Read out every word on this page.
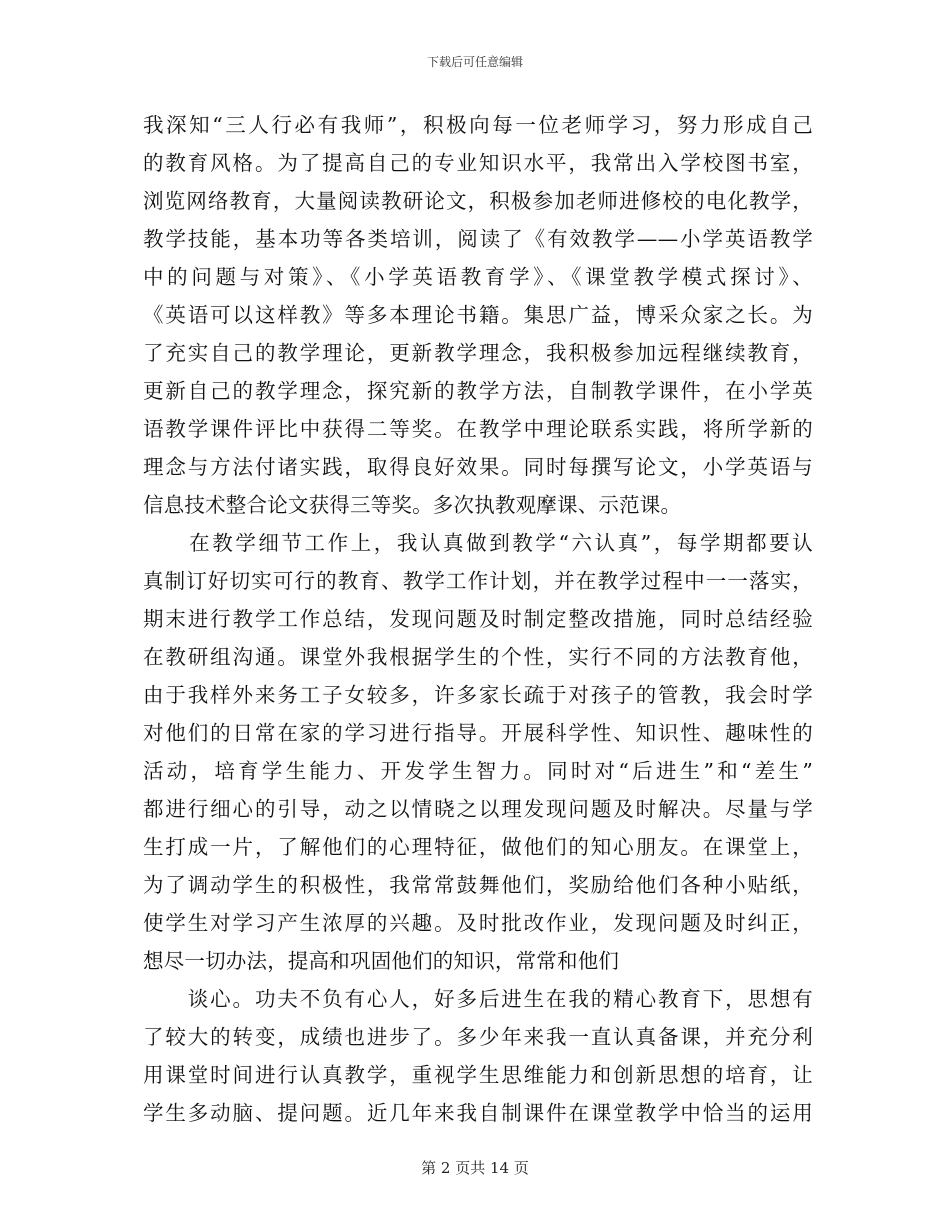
下载后可任意编辑
我深知“三人行必有我师”，积极向每一位老师学习，努力形成自己
的教育风格。为了提高自己的专业知识水平，我常出入学校图书室，
浏览网络教育，大量阅读教研论文，积极参加老师进修校的电化教学，
教学技能，基本功等各类培训，阅读了《有效教学——小学英语教学
中的问题与对策》、《小学英语教育学》、《课堂教学模式探讨》、
《英语可以这样教》等多本理论书籍。集思广益，博采众家之长。为
了充实自己的教学理论，更新教学理念，我积极参加远程继续教育，
更新自己的教学理念，探究新的教学方法，自制教学课件，在小学英
语教学课件评比中获得二等奖。在教学中理论联系实践，将所学新的
理念与方法付诸实践，取得良好效果。同时每撰写论文，小学英语与
信息技术整合论文获得三等奖。多次执教观摩课、示范课。
　　在教学细节工作上，我认真做到教学“六认真”，每学期都要认
真制订好切实可行的教育、教学工作计划，并在教学过程中一一落实，
期末进行教学工作总结，发现问题及时制定整改措施，同时总结经验
在教研组沟通。课堂外我根据学生的个性，实行不同的方法教育他，
由于我样外来务工子女较多，许多家长疏于对孩子的管教，我会时学
对他们的日常在家的学习进行指导。开展科学性、知识性、趣味性的
活动，培育学生能力、开发学生智力。同时对“后进生”和“差生”
都进行细心的引导，动之以情晓之以理发现问题及时解决。尽量与学
生打成一片，了解他们的心理特征，做他们的知心朋友。在课堂上，
为了调动学生的积极性，我常常鼓舞他们，奖励给他们各种小贴纸，
使学生对学习产生浓厚的兴趣。及时批改作业，发现问题及时纠正，
想尽一切办法，提高和巩固他们的知识，常常和他们
　　谈心。功夫不负有心人，好多后进生在我的精心教育下，思想有
了较大的转变，成绩也进步了。多少年来我一直认真备课，并充分利
用课堂时间进行认真教学，重视学生思维能力和创新思想的培育，让
学生多动脑、提问题。近几年来我自制课件在课堂教学中恰当的运用
第 2 页共 14 页
